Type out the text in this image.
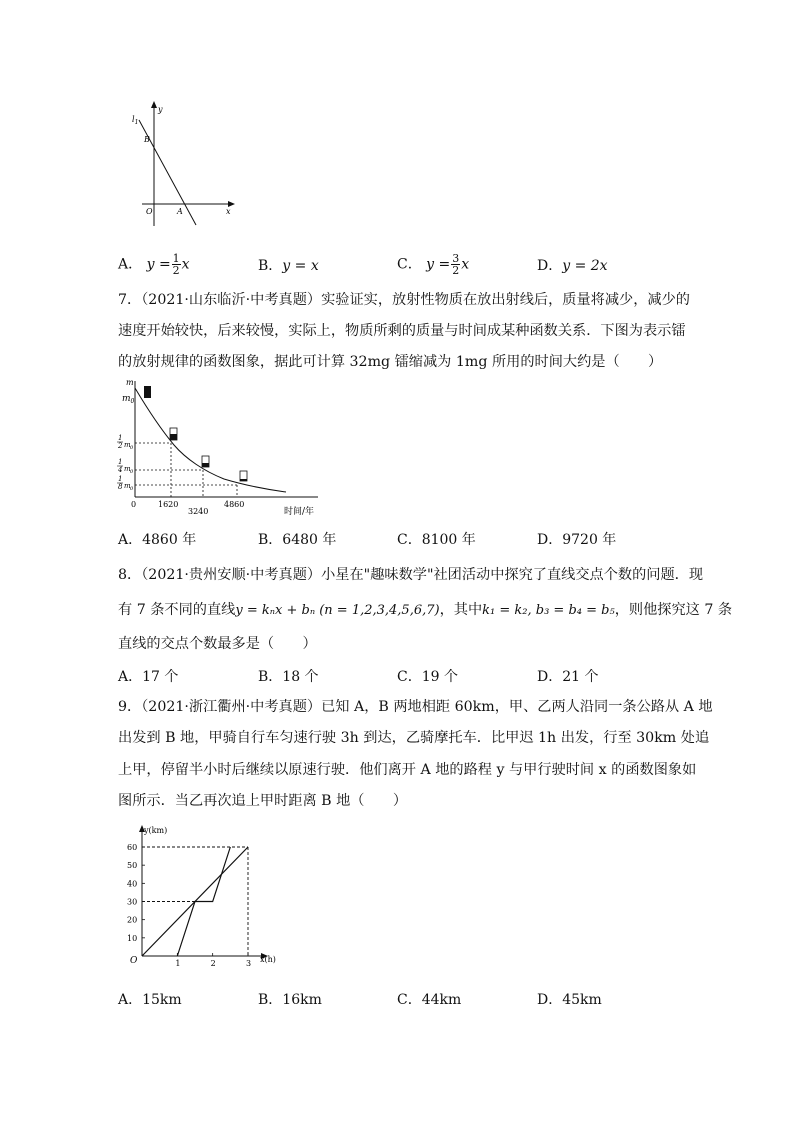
$l_1$
y
x
B
O	A
A． $y = \frac{1}{2}$ x	B．y = x	C． $y = \frac{3}{2}$ x	D．y = 2x
7．（2021·山东临沂·中考真题）实验证实，放射性物质在放出射线后，质量将减少，减少的
速度开始较快，后来较慢，实际上，物质所剩的质量与时间成某种函数关系．下图为表示镭
的放射规律的函数图象，据此可计算 32mg 镭缩减为 1mg 所用的时间大约是（　　）
m
$m_0$
1
2 m 0
1
4 m 0
1
8 m 0
0	1620
3240
4860
时间/年
A．4860 年	B．6480 年	C．8100 年	D．9720 年
8．（2021·贵州安顺·中考真题）小星在"趣味数学"社团活动中探究了直线交点个数的问题．现
有 7 条不同的直线y = kₙx + bₙ (n = 1,2,3,4,5,6,7)，其中k₁ = k₂, b₃ = b₄ = b₅，则他探究这 7 条
直线的交点个数最多是（　　）
A．17 个	B．18 个	C．19 个	D．21 个
9．（2021·浙江衢州·中考真题）已知 A，B 两地相距 60km，甲、乙两人沿同一条公路从 A 地
出发到 B 地，甲骑自行车匀速行驶 3h 到达，乙骑摩托车．比甲迟 1h 出发，行至 30km 处追
上甲，停留半小时后继续以原速行驶．他们离开 A 地的路程 y 与甲行驶时间 x 的函数图象如
图所示．当乙再次追上甲时距离 B 地（　　）
y(km)
x(h)
O
10
20
30
40
50
60
1	2	3
A．15km	B．16km	C．44km	D．45km
